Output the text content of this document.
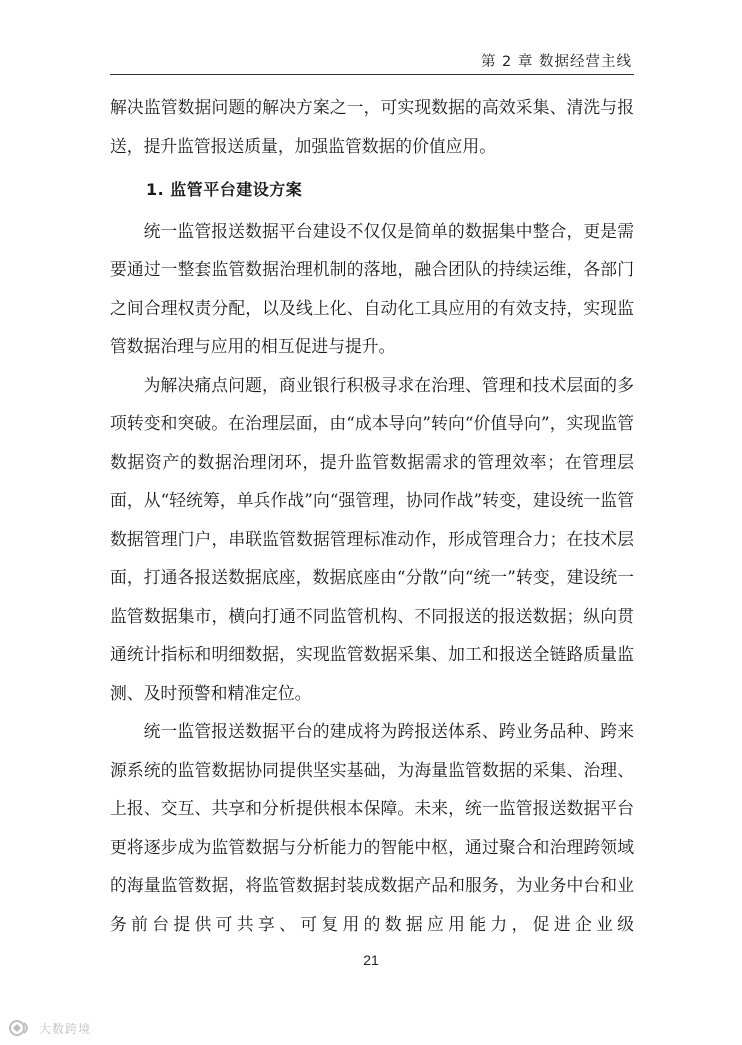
第 2 章 数据经营主线

解决监管数据问题的解决方案之一，可实现数据的高效采集、清洗与报送，提升监管报送质量，加强监管数据的价值应用。

1. 监管平台建设方案

统一监管报送数据平台建设不仅仅是简单的数据集中整合，更是需要通过一整套监管数据治理机制的落地，融合团队的持续运维，各部门之间合理权责分配，以及线上化、自动化工具应用的有效支持，实现监管数据治理与应用的相互促进与提升。

为解决痛点问题，商业银行积极寻求在治理、管理和技术层面的多项转变和突破。在治理层面，由“成本导向”转向“价值导向”，实现监管数据资产的数据治理闭环，提升监管数据需求的管理效率；在管理层面，从“轻统筹，单兵作战”向“强管理，协同作战”转变，建设统一监管数据管理门户，串联监管数据管理标准动作，形成管理合力；在技术层面，打通各报送数据底座，数据底座由“分散”向“统一”转变，建设统一监管数据集市，横向打通不同监管机构、不同报送的报送数据；纵向贯通统计指标和明细数据，实现监管数据采集、加工和报送全链路质量监测、及时预警和精准定位。

统一监管报送数据平台的建成将为跨报送体系、跨业务品种、跨来源系统的监管数据协同提供坚实基础，为海量监管数据的采集、治理、上报、交互、共享和分析提供根本保障。未来，统一监管报送数据平台更将逐步成为监管数据与分析能力的智能中枢，通过聚合和治理跨领域的海量监管数据，将监管数据封装成数据产品和服务，为业务中台和业务前台提供可共享、可复用的数据应用能力，促进企业级

21
大数跨境
